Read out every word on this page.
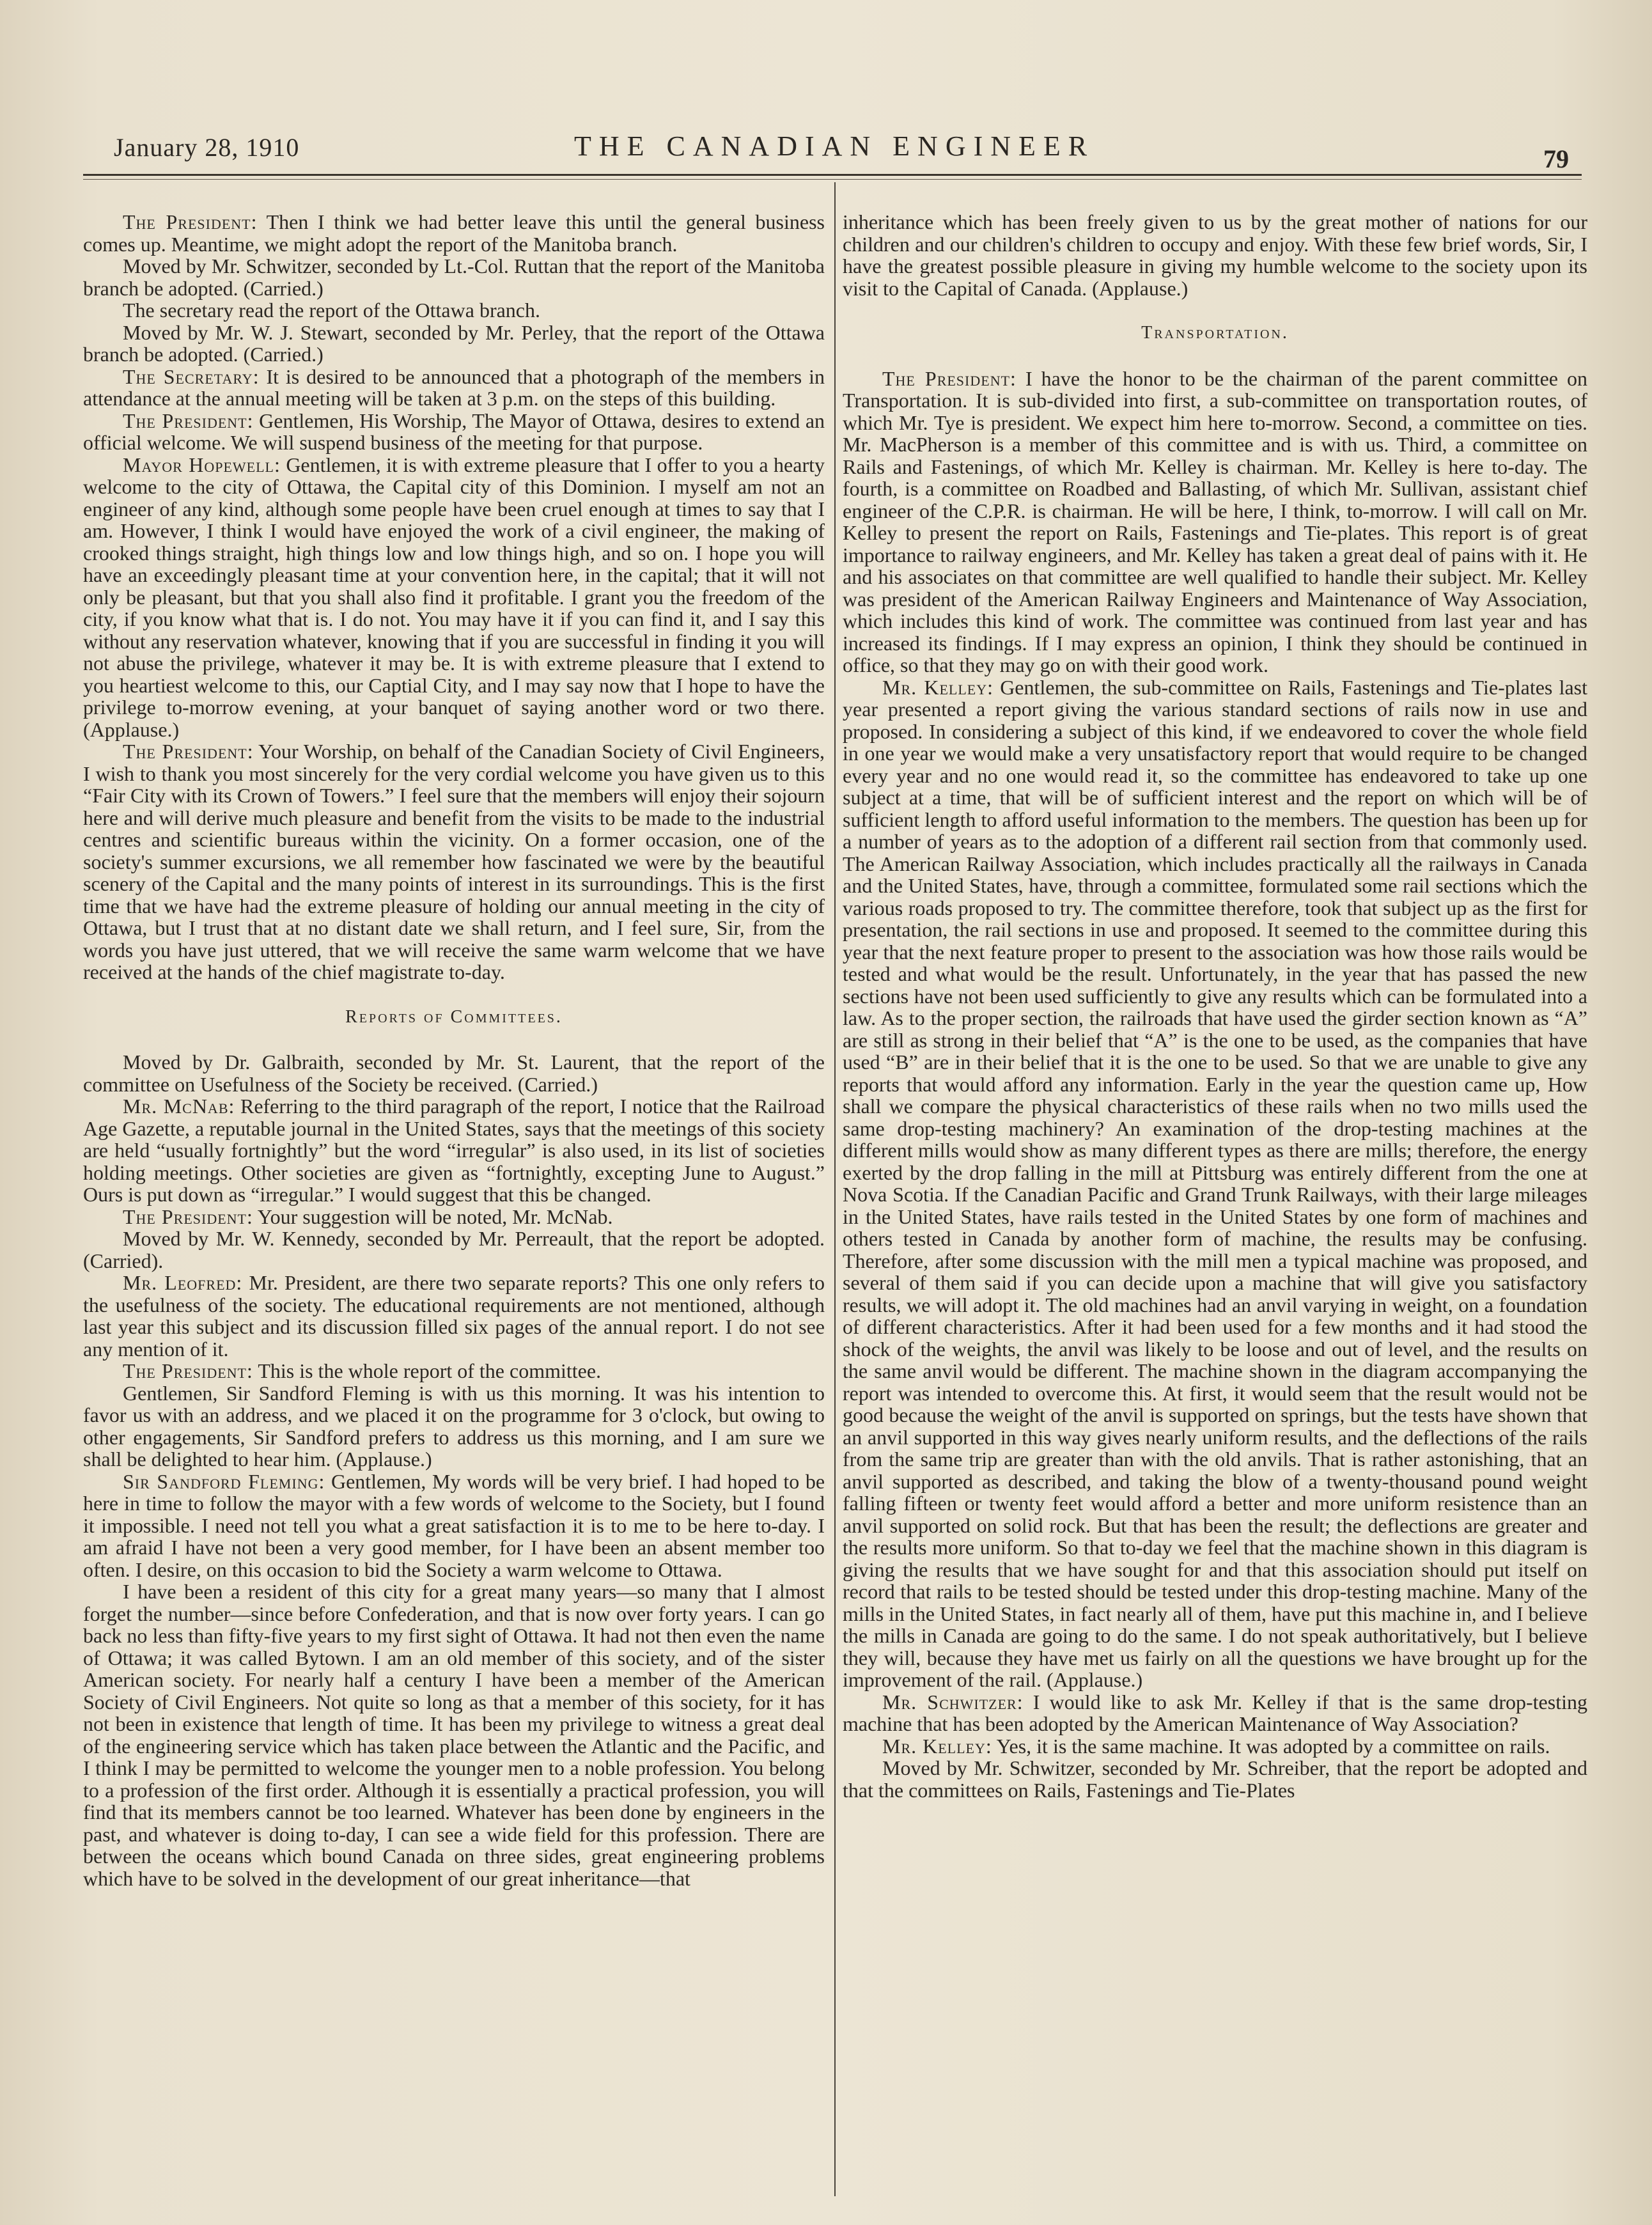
January 28, 1910	THE CANADIAN ENGINEER	79

The President: Then I think we had better leave this until the general business comes up. Meantime, we might adopt the report of the Manitoba branch.

Moved by Mr. Schwitzer, seconded by Lt.-Col. Ruttan that the report of the Manitoba branch be adopted. (Carried.)

The secretary read the report of the Ottawa branch.

Moved by Mr. W. J. Stewart, seconded by Mr. Perley, that the report of the Ottawa branch be adopted. (Carried.)

The Secretary: It is desired to be announced that a photograph of the members in attendance at the annual meeting will be taken at 3 p.m. on the steps of this building.

The President: Gentlemen, His Worship, The Mayor of Ottawa, desires to extend an official welcome. We will suspend business of the meeting for that purpose.

Mayor Hopewell: Gentlemen, it is with extreme pleasure that I offer to you a hearty welcome to the city of Ottawa, the Capital city of this Dominion. I myself am not an engineer of any kind, although some people have been cruel enough at times to say that I am. However, I think I would have enjoyed the work of a civil engineer, the making of crooked things straight, high things low and low things high, and so on. I hope you will have an exceedingly pleasant time at your convention here, in the capital; that it will not only be pleasant, but that you shall also find it profitable. I grant you the freedom of the city, if you know what that is. I do not. You may have it if you can find it, and I say this without any reservation whatever, knowing that if you are successful in finding it you will not abuse the privilege, whatever it may be. It is with extreme pleasure that I extend to you heartiest welcome to this, our Captial City, and I may say now that I hope to have the privilege to-morrow evening, at your banquet of saying another word or two there. (Applause.)

The President: Your Worship, on behalf of the Canadian Society of Civil Engineers, I wish to thank you most sincerely for the very cordial welcome you have given us to this “Fair City with its Crown of Towers.” I feel sure that the members will enjoy their sojourn here and will derive much pleasure and benefit from the visits to be made to the industrial centres and scientific bureaus within the vicinity. On a former occasion, one of the society's summer excursions, we all remember how fascinated we were by the beautiful scenery of the Capital and the many points of interest in its surroundings. This is the first time that we have had the extreme pleasure of holding our annual meeting in the city of Ottawa, but I trust that at no distant date we shall return, and I feel sure, Sir, from the words you have just uttered, that we will receive the same warm welcome that we have received at the hands of the chief magistrate to-day.

Reports of Committees.

Moved by Dr. Galbraith, seconded by Mr. St. Laurent, that the report of the committee on Usefulness of the Society be received. (Carried.)

Mr. McNab: Referring to the third paragraph of the report, I notice that the Railroad Age Gazette, a reputable journal in the United States, says that the meetings of this society are held “usually fortnightly” but the word “irregular” is also used, in its list of societies holding meetings. Other societies are given as “fortnightly, excepting June to August.” Ours is put down as “irregular.” I would suggest that this be changed.

The President: Your suggestion will be noted, Mr. McNab.

Moved by Mr. W. Kennedy, seconded by Mr. Perreault, that the report be adopted. (Carried).

Mr. Leofred: Mr. President, are there two separate reports? This one only refers to the usefulness of the society. The educational requirements are not mentioned, although last year this subject and its discussion filled six pages of the annual report. I do not see any mention of it.

The President: This is the whole report of the committee.

Gentlemen, Sir Sandford Fleming is with us this morning. It was his intention to favor us with an address, and we placed it on the programme for 3 o'clock, but owing to other engagements, Sir Sandford prefers to address us this morning, and I am sure we shall be delighted to hear him. (Applause.)

Sir Sandford Fleming: Gentlemen, My words will be very brief. I had hoped to be here in time to follow the mayor with a few words of welcome to the Society, but I found it impossible. I need not tell you what a great satisfaction it is to me to be here to-day. I am afraid I have not been a very good member, for I have been an absent member too often. I desire, on this occasion to bid the Society a warm welcome to Ottawa.

I have been a resident of this city for a great many years—so many that I almost forget the number—since before Confederation, and that is now over forty years. I can go back no less than fifty-five years to my first sight of Ottawa. It had not then even the name of Ottawa; it was called Bytown. I am an old member of this society, and of the sister American society. For nearly half a century I have been a member of the American Society of Civil Engineers. Not quite so long as that a member of this society, for it has not been in existence that length of time. It has been my privilege to witness a great deal of the engineering service which has taken place between the Atlantic and the Pacific, and I think I may be permitted to welcome the younger men to a noble profession. You belong to a profession of the first order. Although it is essentially a practical profession, you will find that its members cannot be too learned. Whatever has been done by engineers in the past, and whatever is doing to-day, I can see a wide field for this profession. There are between the oceans which bound Canada on three sides, great engineering problems which have to be solved in the development of our great inheritance—that

inheritance which has been freely given to us by the great mother of nations for our children and our children's children to occupy and enjoy. With these few brief words, Sir, I have the greatest possible pleasure in giving my humble welcome to the society upon its visit to the Capital of Canada. (Applause.)

Transportation.

The President: I have the honor to be the chairman of the parent committee on Transportation. It is sub-divided into first, a sub-committee on transportation routes, of which Mr. Tye is president. We expect him here to-morrow. Second, a committee on ties. Mr. MacPherson is a member of this committee and is with us. Third, a committee on Rails and Fastenings, of which Mr. Kelley is chairman. Mr. Kelley is here to-day. The fourth, is a committee on Roadbed and Ballasting, of which Mr. Sullivan, assistant chief engineer of the C.P.R. is chairman. He will be here, I think, to-morrow. I will call on Mr. Kelley to present the report on Rails, Fastenings and Tie-plates. This report is of great importance to railway engineers, and Mr. Kelley has taken a great deal of pains with it. He and his associates on that committee are well qualified to handle their subject. Mr. Kelley was president of the American Railway Engineers and Maintenance of Way Association, which includes this kind of work. The committee was continued from last year and has increased its findings. If I may express an opinion, I think they should be continued in office, so that they may go on with their good work.

Mr. Kelley: Gentlemen, the sub-committee on Rails, Fastenings and Tie-plates last year presented a report giving the various standard sections of rails now in use and proposed. In considering a subject of this kind, if we endeavored to cover the whole field in one year we would make a very unsatisfactory report that would require to be changed every year and no one would read it, so the committee has endeavored to take up one subject at a time, that will be of sufficient interest and the report on which will be of sufficient length to afford useful information to the members. The question has been up for a number of years as to the adoption of a different rail section from that commonly used. The American Railway Association, which includes practically all the railways in Canada and the United States, have, through a committee, formulated some rail sections which the various roads proposed to try. The committee therefore, took that subject up as the first for presentation, the rail sections in use and proposed. It seemed to the committee during this year that the next feature proper to present to the association was how those rails would be tested and what would be the result. Unfortunately, in the year that has passed the new sections have not been used sufficiently to give any results which can be formulated into a law. As to the proper section, the railroads that have used the girder section known as “A” are still as strong in their belief that “A” is the one to be used, as the companies that have used “B” are in their belief that it is the one to be used. So that we are unable to give any reports that would afford any information. Early in the year the question came up, How shall we compare the physical characteristics of these rails when no two mills used the same drop-testing machinery? An examination of the drop-testing machines at the different mills would show as many different types as there are mills; therefore, the energy exerted by the drop falling in the mill at Pittsburg was entirely different from the one at Nova Scotia. If the Canadian Pacific and Grand Trunk Railways, with their large mileages in the United States, have rails tested in the United States by one form of machines and others tested in Canada by another form of machine, the results may be confusing. Therefore, after some discussion with the mill men a typical machine was proposed, and several of them said if you can decide upon a machine that will give you satisfactory results, we will adopt it. The old machines had an anvil varying in weight, on a foundation of different characteristics. After it had been used for a few months and it had stood the shock of the weights, the anvil was likely to be loose and out of level, and the results on the same anvil would be different. The machine shown in the diagram accompanying the report was intended to overcome this. At first, it would seem that the result would not be good because the weight of the anvil is supported on springs, but the tests have shown that an anvil supported in this way gives nearly uniform results, and the deflections of the rails from the same trip are greater than with the old anvils. That is rather astonishing, that an anvil supported as described, and taking the blow of a twenty-thousand pound weight falling fifteen or twenty feet would afford a better and more uniform resistence than an anvil supported on solid rock. But that has been the result; the deflections are greater and the results more uniform. So that to-day we feel that the machine shown in this diagram is giving the results that we have sought for and that this association should put itself on record that rails to be tested should be tested under this drop-testing machine. Many of the mills in the United States, in fact nearly all of them, have put this machine in, and I believe the mills in Canada are going to do the same. I do not speak authoritatively, but I believe they will, because they have met us fairly on all the questions we have brought up for the improvement of the rail. (Applause.)

Mr. Schwitzer: I would like to ask Mr. Kelley if that is the same drop-testing machine that has been adopted by the American Maintenance of Way Association?

Mr. Kelley: Yes, it is the same machine. It was adopted by a committee on rails.

Moved by Mr. Schwitzer, seconded by Mr. Schreiber, that the report be adopted and that the committees on Rails, Fastenings and Tie-Plates
